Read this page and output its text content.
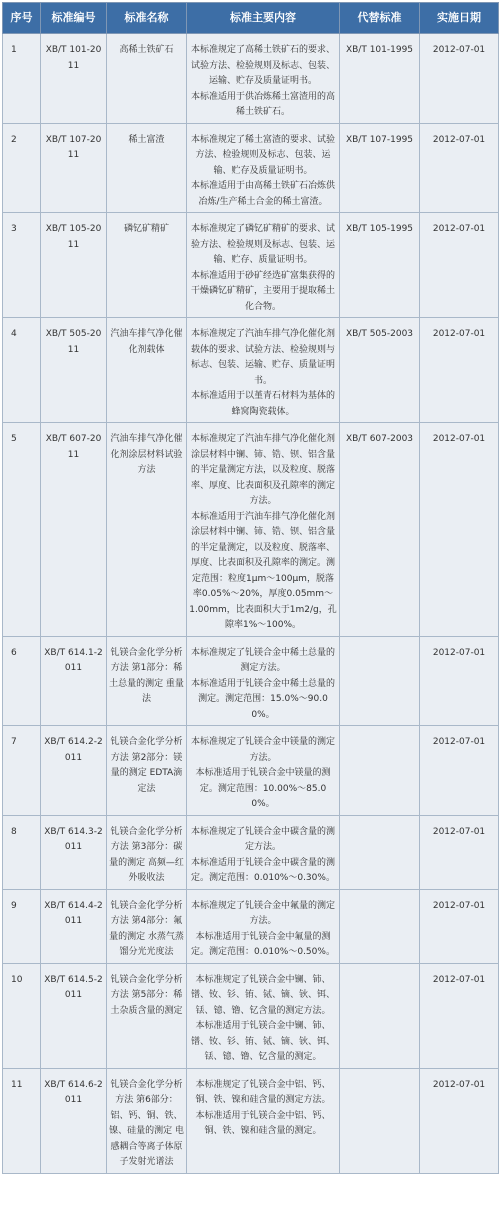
序号	标准编号	标准名称	标准主要内容	代替标准	实施日期
1	XB/T 101-2011	高稀土铁矿石	本标准规定了高稀土铁矿石的要求、试验方法、检验规则及标志、包装、运输、贮存及质量证明书。
本标准适用于供冶炼稀土富渣用的高稀土铁矿石。	XB/T 101-1995	2012-07-01
2	XB/T 107-2011	稀土富渣	本标准规定了稀土富渣的要求、试验方法、检验规则及标志、包装、运输、贮存及质量证明书。
本标准适用于由高稀土铁矿石冶炼供冶炼/生产稀土合金的稀土富渣。	XB/T 107-1995	2012-07-01
3	XB/T 105-2011	磷钇矿精矿	本标准规定了磷钇矿精矿的要求、试验方法、检验规则及标志、包装、运输、贮存、质量证明书。
本标准适用于砂矿经选矿富集获得的干燥磷钇矿精矿，主要用于提取稀土化合物。	XB/T 105-1995	2012-07-01
4	XB/T 505-2011	汽油车排气净化催化剂载体	本标准规定了汽油车排气净化催化剂载体的要求、试验方法、检验规则与标志、包装、运输、贮存、质量证明书。
本标准适用于以堇青石材料为基体的蜂窝陶瓷载体。	XB/T 505-2003	2012-07-01
5	XB/T 607-2011	汽油车排气净化催化剂涂层材料试验方法	本标准规定了汽油车排气净化催化剂涂层材料中镧、铈、锆、钡、铝含量的半定量测定方法，以及粒度、脱落率、厚度、比表面积及孔隙率的测定方法。
本标准适用于汽油车排气净化催化剂涂层材料中镧、铈、锆、钡、铝含量的半定量测定，以及粒度、脱落率、厚度、比表面积及孔隙率的测定。测定范围：粒度1μm～100μm，脱落率0.05%～20%，厚度0.05mm～1.00mm，比表面积大于1m2/g，孔隙率1%～100%。	XB/T 607-2003	2012-07-01
6	XB/T 614.1-2011	钆镁合金化学分析方法 第1部分：稀土总量的测定 重量法	本标准规定了钆镁合金中稀土总量的测定方法。
本标准适用于钆镁合金中稀土总量的测定。测定范围：15.0%～90.00%。		2012-07-01
7	XB/T 614.2-2011	钆镁合金化学分析方法 第2部分：镁量的测定 EDTA滴定法	本标准规定了钆镁合金中镁量的测定方法。
本标准适用于钆镁合金中镁量的测定。测定范围：10.00%～85.00%。		2012-07-01
8	XB/T 614.3-2011	钆镁合金化学分析方法 第3部分：碳量的测定 高频—红外吸收法	本标准规定了钆镁合金中碳含量的测定方法。
本标准适用于钆镁合金中碳含量的测定。测定范围：0.010%～0.30%。		2012-07-01
9	XB/T 614.4-2011	钆镁合金化学分析方法 第4部分：氟量的测定 水蒸气蒸馏分光光度法	本标准规定了钆镁合金中氟量的测定方法。
本标准适用于钆镁合金中氟量的测定。测定范围：0.010%～0.50%。		2012-07-01
10	XB/T 614.5-2011	钆镁合金化学分析方法 第5部分：稀土杂质含量的测定	本标准规定了钆镁合金中镧、铈、镨、钕、钐、铕、铽、镝、钬、铒、铥、镱、镥、钇含量的测定方法。
本标准适用于钆镁合金中镧、铈、镨、钕、钐、铕、铽、镝、钬、铒、铥、镱、镥、钇含量的测定。		2012-07-01
11	XB/T 614.6-2011	钆镁合金化学分析方法 第6部分：铝、钙、铜、铁、镍、硅量的测定 电感耦合等离子体原子发射光谱法	本标准规定了钆镁合金中铝、钙、铜、铁、镍和硅含量的测定方法。
本标准适用于钆镁合金中铝、钙、铜、铁、镍和硅含量的测定。		2012-07-01
